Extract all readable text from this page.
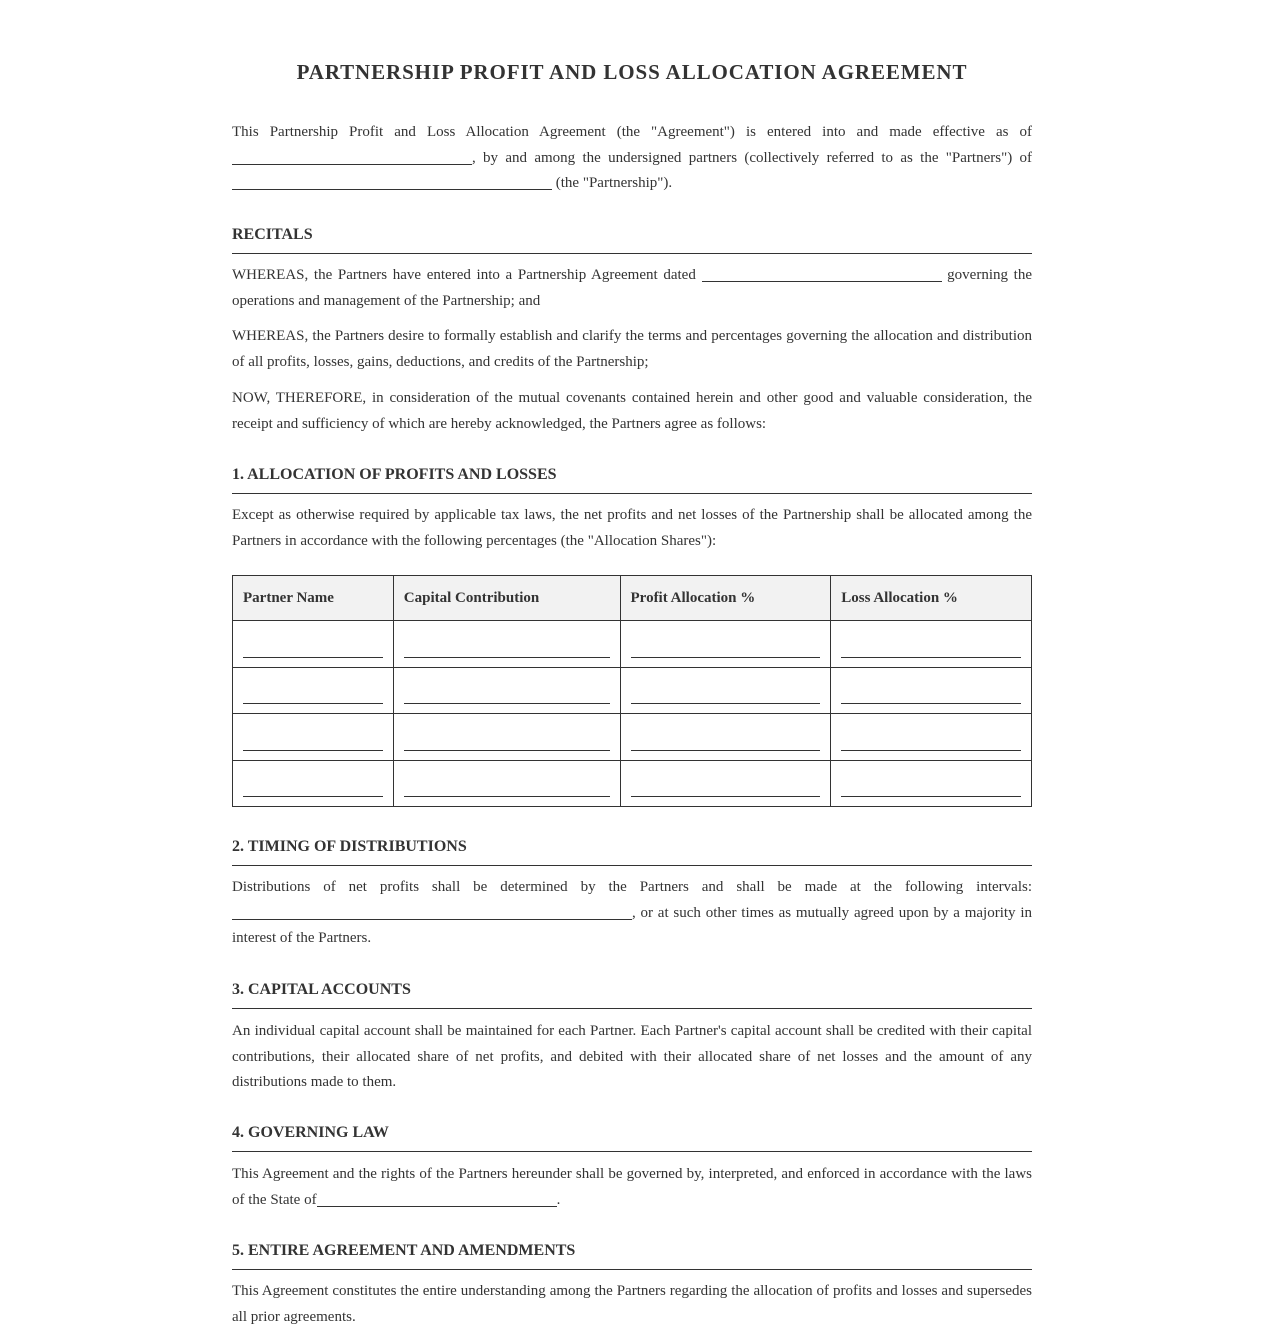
PARTNERSHIP PROFIT AND LOSS ALLOCATION AGREEMENT

This Partnership Profit and Loss Allocation Agreement (the "Agreement") is entered into and made effective as of , by and among the undersigned partners (collectively referred to as the "Partners") of  (the "Partnership").

RECITALS

WHEREAS, the Partners have entered into a Partnership Agreement dated	governing the operations and management of the Partnership; and

WHEREAS, the Partners desire to formally establish and clarify the terms and percentages governing the allocation and distribution of all profits, losses, gains, deductions, and credits of the Partnership;

NOW, THEREFORE, in consideration of the mutual covenants contained herein and other good and valuable consideration, the receipt and sufficiency of which are hereby acknowledged, the Partners agree as follows:

1. ALLOCATION OF PROFITS AND LOSSES

Except as otherwise required by applicable tax laws, the net profits and net losses of the Partnership shall be allocated among the Partners in accordance with the following percentages (the "Allocation Shares"):

Partner Name	Capital Contribution	Profit Allocation %	Loss Allocation %

2. TIMING OF DISTRIBUTIONS

Distributions of net profits shall be determined by the Partners and shall be made at the following intervals: , or at such other times as mutually agreed upon by a majority in interest of the Partners.

3. CAPITAL ACCOUNTS

An individual capital account shall be maintained for each Partner. Each Partner's capital account shall be credited with their capital contributions, their allocated share of net profits, and debited with their allocated share of net losses and the amount of any distributions made to them.

4. GOVERNING LAW

This Agreement and the rights of the Partners hereunder shall be governed by, interpreted, and enforced in accordance with the laws of the State of	.

5. ENTIRE AGREEMENT AND AMENDMENTS

This Agreement constitutes the entire understanding among the Partners regarding the allocation of profits and losses and supersedes all prior agreements.
